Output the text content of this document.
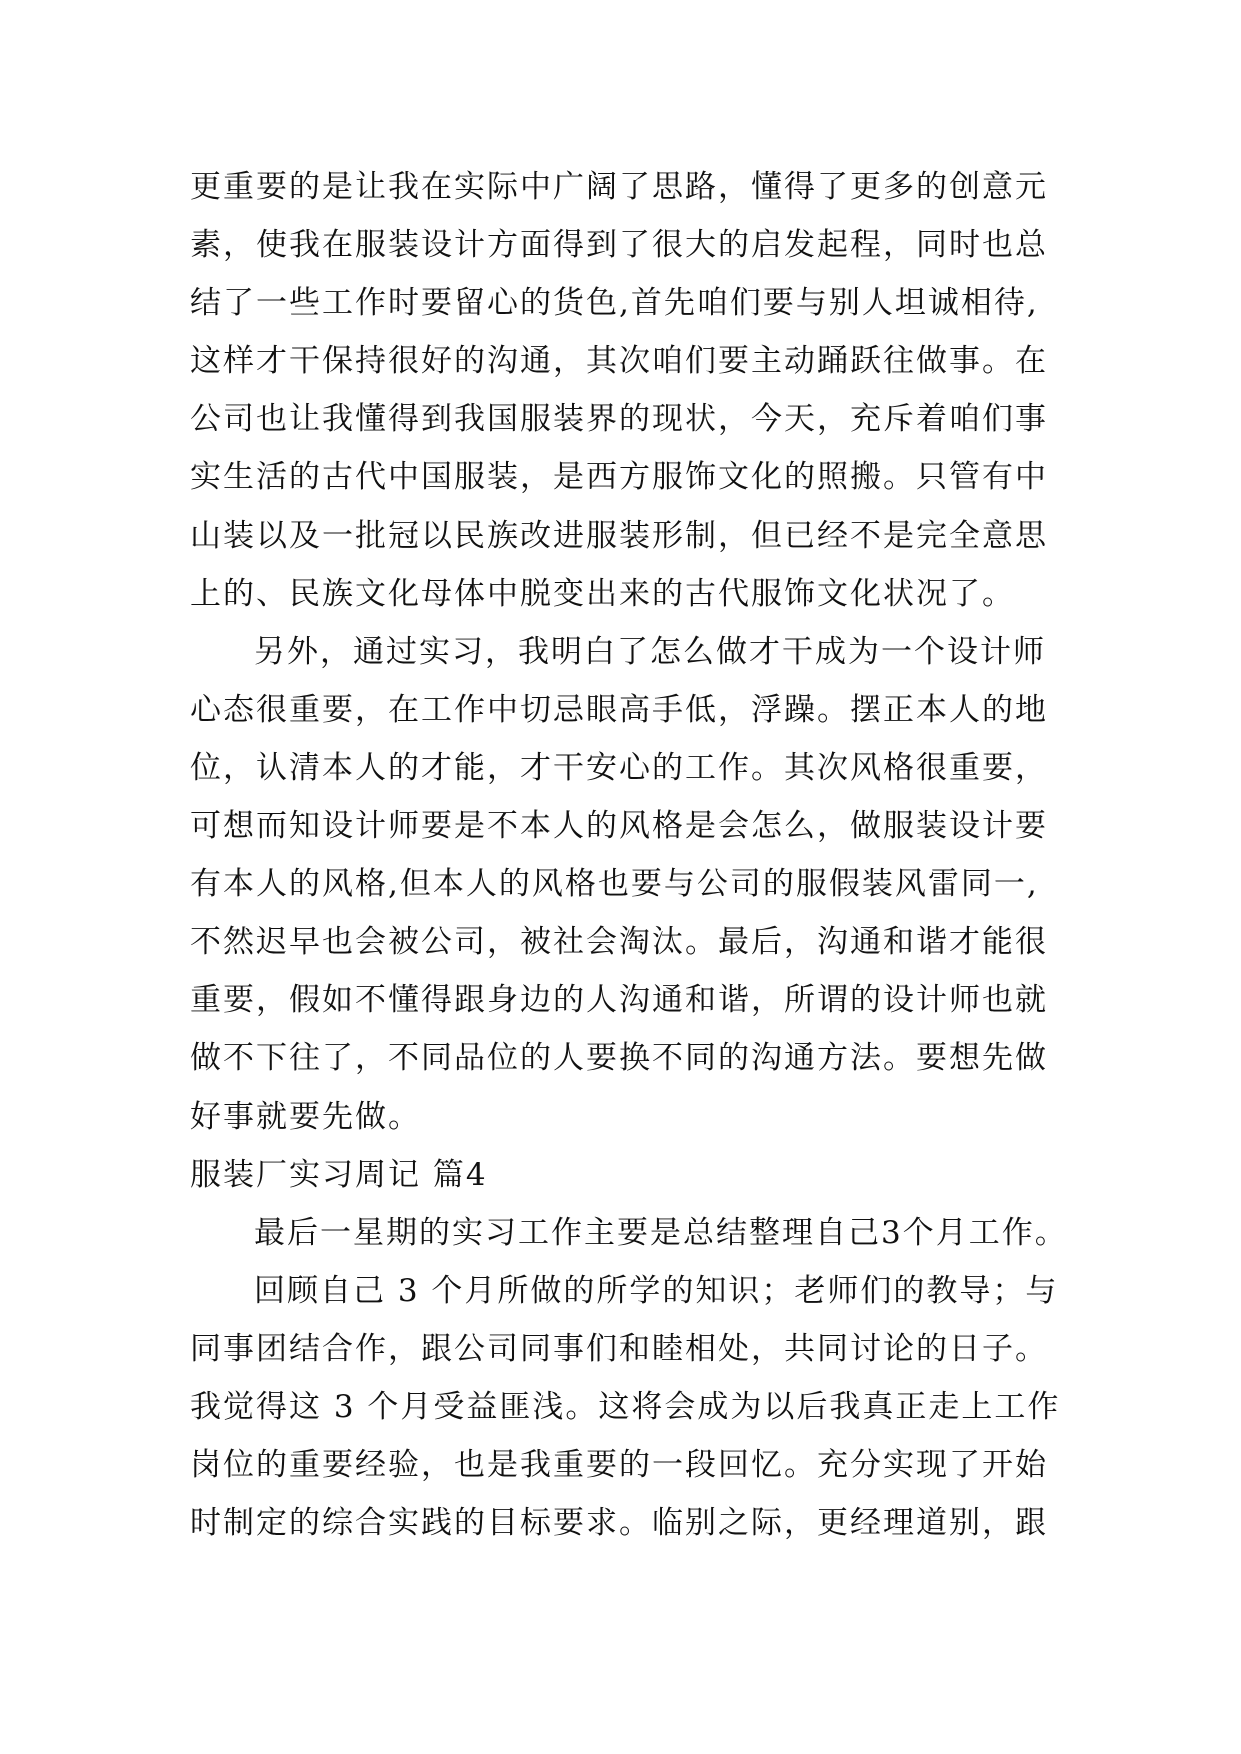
更重要的是让我在实际中广阔了思路，懂得了更多的创意元
素，使我在服装设计方面得到了很大的启发起程，同时也总
结了一些工作时要留心的货色,首先咱们要与别人坦诚相待,
这样才干保持很好的沟通，其次咱们要主动踊跃往做事。在
公司也让我懂得到我国服装界的现状，今天，充斥着咱们事
实生活的古代中国服装，是西方服饰文化的照搬。只管有中
山装以及一批冠以民族改进服装形制，但已经不是完全意思
上的、民族文化母体中脱变出来的古代服饰文化状况了。
另外，通过实习，我明白了怎么做才干成为一个设计师
心态很重要，在工作中切忌眼高手低，浮躁。摆正本人的地
位，认清本人的才能，才干安心的工作。其次风格很重要，
可想而知设计师要是不本人的风格是会怎么，做服装设计要
有本人的风格,但本人的风格也要与公司的服假装风雷同一,
不然迟早也会被公司，被社会淘汰。最后，沟通和谐才能很
重要，假如不懂得跟身边的人沟通和谐，所谓的设计师也就
做不下往了，不同品位的人要换不同的沟通方法。要想先做
好事就要先做。
服装厂实习周记 篇4
最后一星期的实习工作主要是总结整理自己3个月工作。
回顾自己 3 个月所做的所学的知识；老师们的教导；与
同事团结合作，跟公司同事们和睦相处，共同讨论的日子。
我觉得这 3 个月受益匪浅。这将会成为以后我真正走上工作
岗位的重要经验，也是我重要的一段回忆。充分实现了开始
时制定的综合实践的目标要求。临别之际，更经理道别，跟
